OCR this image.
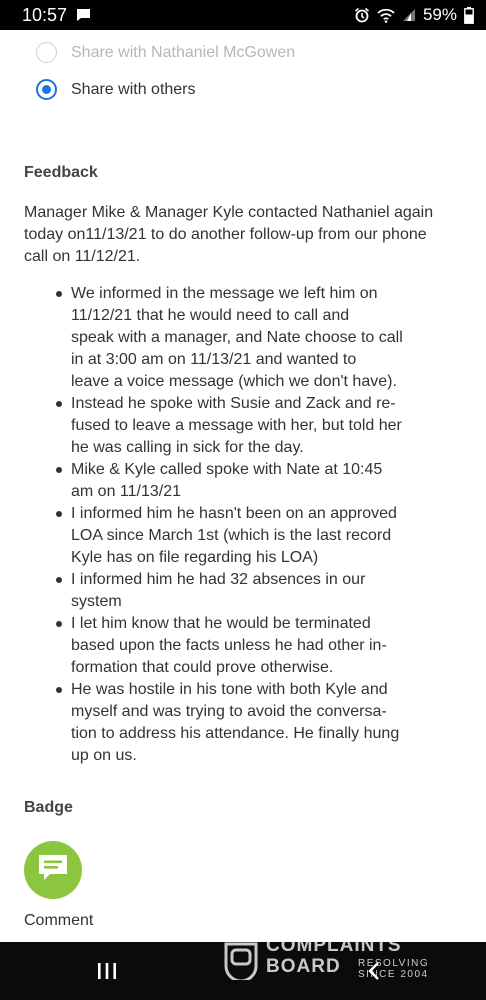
10:57	59%
Share with Nathaniel McGowen
Share with others
Feedback
Manager Mike & Manager Kyle contacted Nathaniel again
today on11/13/21 to do another follow-up from our phone
call on 11/12/21.
We informed in the message we left him on
11/12/21 that he would need to call and
speak with a manager, and Nate choose to call
in at 3:00 am on 11/13/21 and wanted to
leave a voice message (which we don't have).
Instead he spoke with Susie and Zack and re-
fused to leave a message with her, but told her
he was calling in sick for the day.
Mike & Kyle called spoke with Nate at 10:45
am on 11/13/21
I informed him he hasn't been on an approved
LOA since March 1st (which is the last record
Kyle has on file regarding his LOA)
I informed him he had 32 absences in our
system
I let him know that he would be terminated
based upon the facts unless he had other in-
formation that could prove otherwise.
He was hostile in his tone with both Kyle and
myself and was trying to avoid the conversa-
tion to address his attendance. He finally hung
up on us.
Badge
Comment
COMPLAINTS
BOARD RESOLVING
SINCE 2004
